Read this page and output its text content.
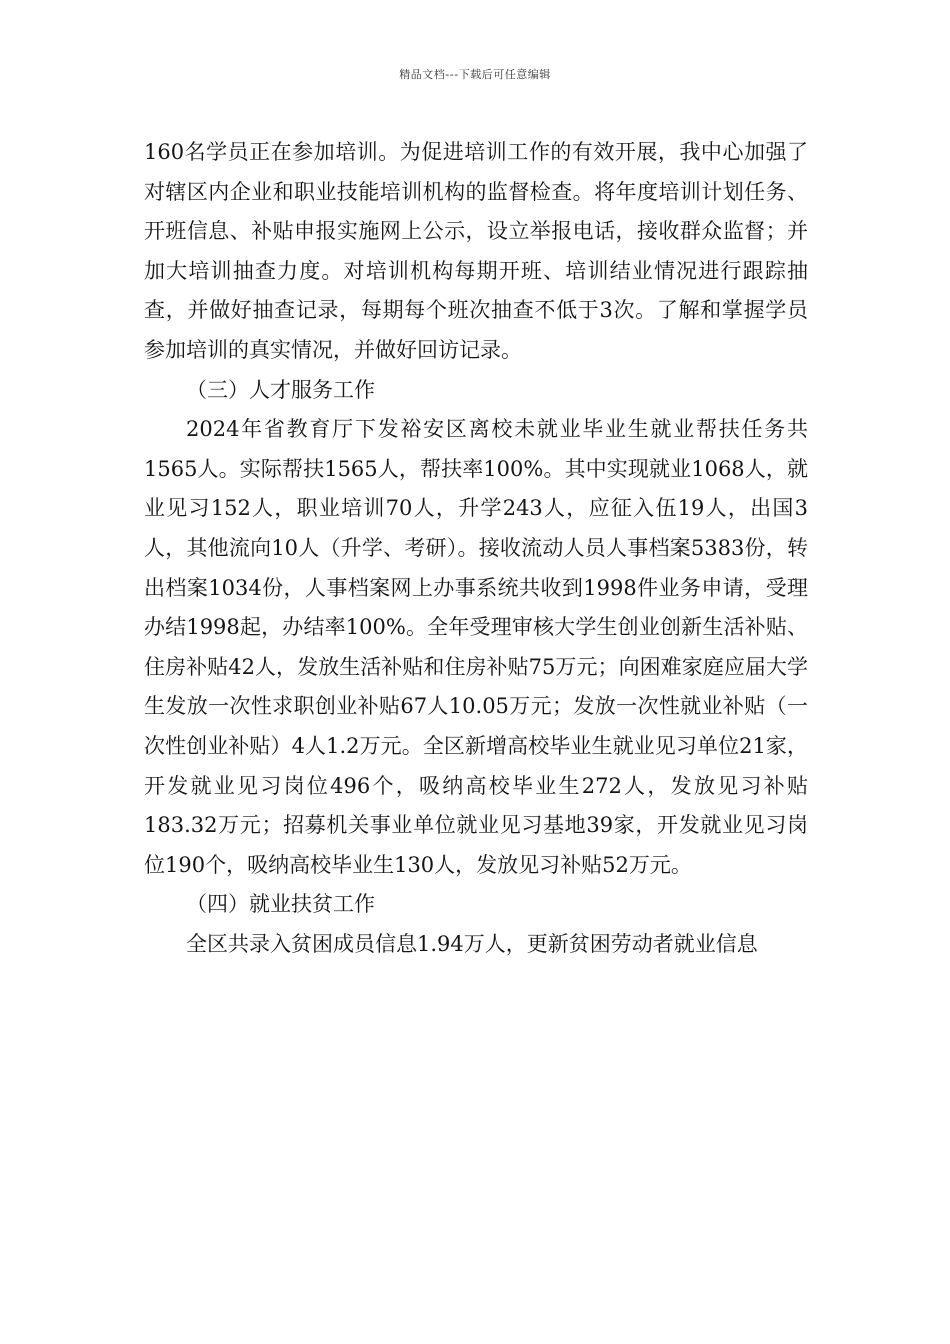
精品文档---下载后可任意编辑

160名学员正在参加培训。为促进培训工作的有效开展，我中心加强了对辖区内企业和职业技能培训机构的监督检查。将年度培训计划任务、开班信息、补贴申报实施网上公示，设立举报电话，接收群众监督；并加大培训抽查力度。对培训机构每期开班、培训结业情况进行跟踪抽查，并做好抽查记录，每期每个班次抽查不低于3次。了解和掌握学员参加培训的真实情况，并做好回访记录。

（三）人才服务工作

2024年省教育厅下发裕安区离校未就业毕业生就业帮扶任务共1565人。实际帮扶1565人，帮扶率100%。其中实现就业1068人，就业见习152人，职业培训70人，升学243人，应征入伍19人，出国3人，其他流向10人（升学、考研）。接收流动人员人事档案5383份，转出档案1034份，人事档案网上办事系统共收到1998件业务申请，受理办结1998起，办结率100%。全年受理审核大学生创业创新生活补贴、住房补贴42人，发放生活补贴和住房补贴75万元；向困难家庭应届大学生发放一次性求职创业补贴67人10.05万元；发放一次性就业补贴（一次性创业补贴）4人1.2万元。全区新增高校毕业生就业见习单位21家，开发就业见习岗位496个，吸纳高校毕业生272人，发放见习补贴183.32万元；招募机关事业单位就业见习基地39家，开发就业见习岗位190个，吸纳高校毕业生130人，发放见习补贴52万元。

（四）就业扶贫工作

全区共录入贫困成员信息1.94万人，更新贫困劳动者就业信息
